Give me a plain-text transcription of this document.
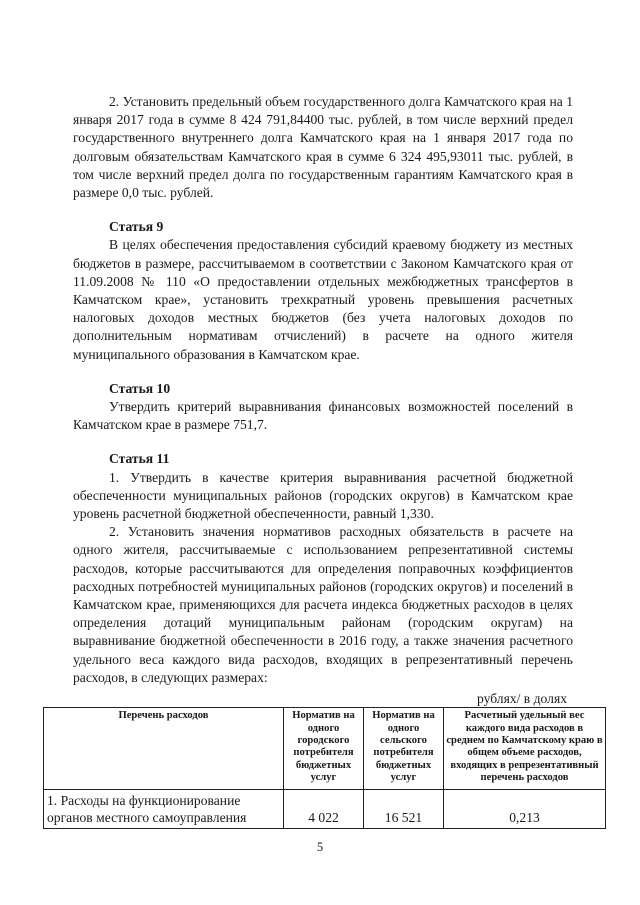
2. Установить предельный объем государственного долга Камчатского края на 1 января 2017 года в сумме 8 424 791,84400 тыс. рублей, в том числе верхний предел государственного внутреннего долга Камчатского края на 1 января 2017 года по долговым обязательствам Камчатского края в сумме 6 324 495,93011 тыс. рублей, в том числе верхний предел долга по государственным гарантиям Камчатского края в размере 0,0 тыс. рублей.

Статья 9

В целях обеспечения предоставления субсидий краевому бюджету из местных бюджетов в размере, рассчитываемом в соответствии с Законом Камчатского края от 11.09.2008 № 110 «О предоставлении отдельных межбюджетных трансфертов в Камчатском крае», установить трехкратный уровень превышения расчетных налоговых доходов местных бюджетов (без учета налоговых доходов по дополнительным нормативам отчислений) в расчете на одного жителя муниципального образования в Камчатском крае.

Статья 10

Утвердить критерий выравнивания финансовых возможностей поселений в Камчатском крае в размере 751,7.

Статья 11

1. Утвердить в качестве критерия выравнивания расчетной бюджетной обеспеченности муниципальных районов (городских округов) в Камчатском крае уровень расчетной бюджетной обеспеченности, равный 1,330.

2. Установить значения нормативов расходных обязательств в расчете на одного жителя, рассчитываемые с использованием репрезентативной системы расходов, которые рассчитываются для определения поправочных коэффициентов расходных потребностей муниципальных районов (городских округов) и поселений в Камчатском крае, применяющихся для расчета индекса бюджетных расходов в целях определения дотаций муниципальным районам (городским округам) на выравнивание бюджетной обеспеченности в 2016 году, а также значения расчетного удельного веса каждого вида расходов, входящих в репрезентативный перечень расходов, в следующих размерах:

рублях/ в долях
Перечень расходов	Норматив на одного городского потребителя бюджетных услуг	Норматив на одного сельского потребителя бюджетных услуг	Расчетный удельный вес каждого вида расходов в среднем по Камчатскому краю в общем объеме расходов, входящих в репрезентативный перечень расходов
1. Расходы на функционирование органов местного самоуправления	4 022	16 521	0,213
5
